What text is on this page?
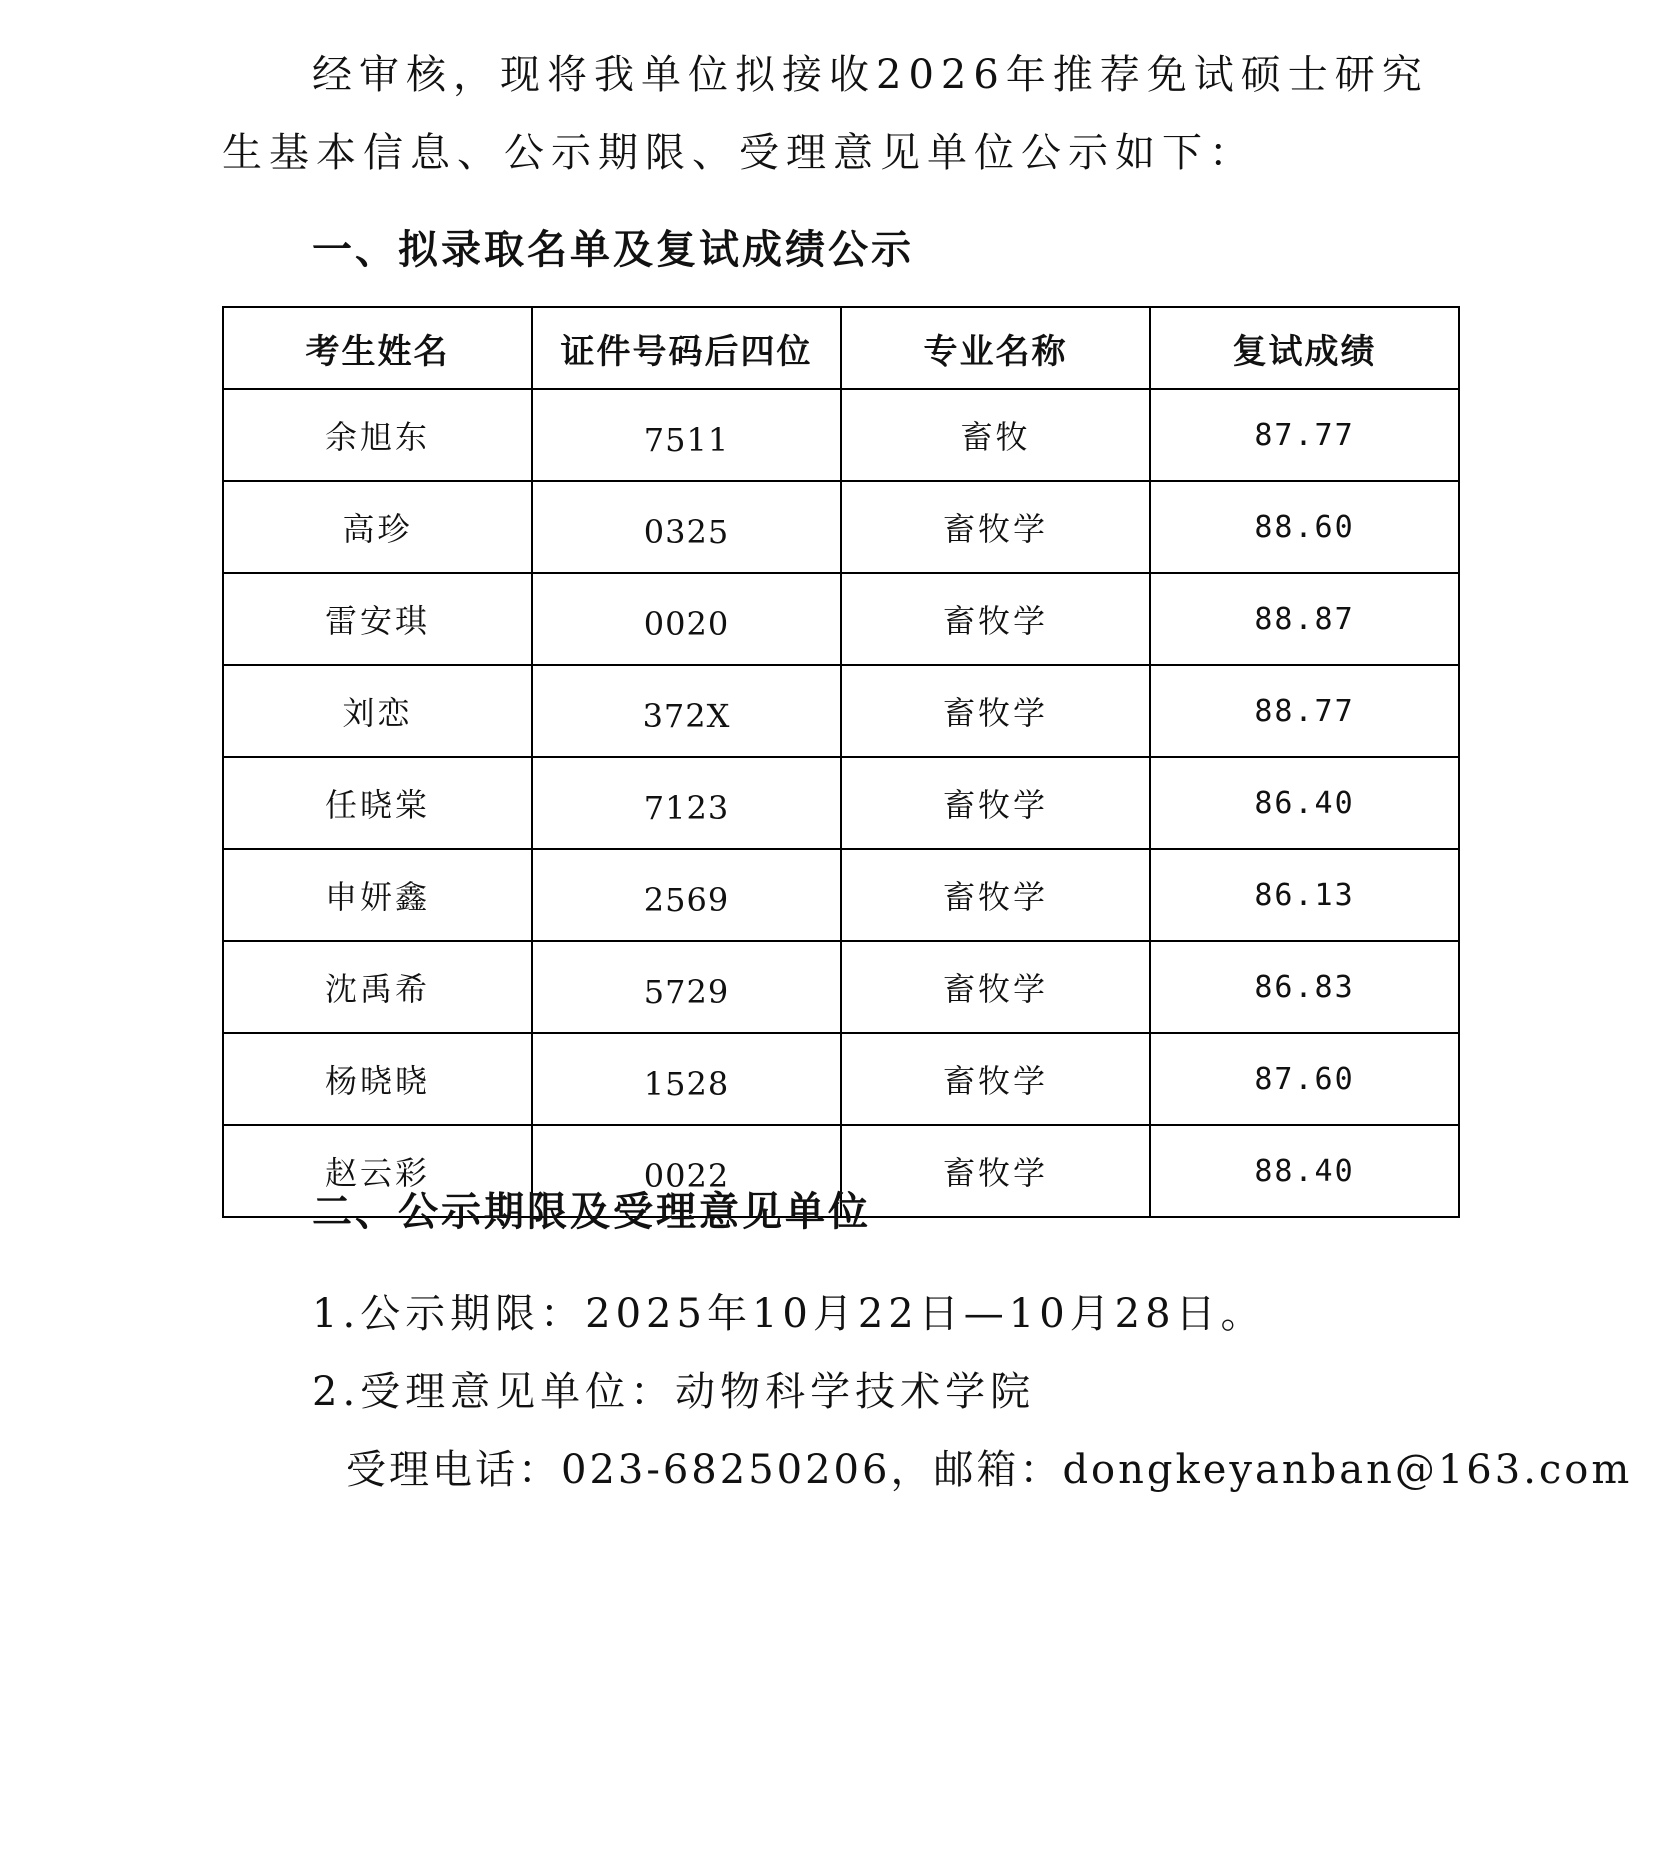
经审核，现将我单位拟接收2026年推荐免试硕士研究生基本信息、公示期限、受理意见单位公示如下：

一、拟录取名单及复试成绩公示
考生姓名	证件号码后四位	专业名称	复试成绩
余旭东	7511	畜牧	87.77
高珍	0325	畜牧学	88.60
雷安琪	0020	畜牧学	88.87
刘恋	372X	畜牧学	88.77
任晓棠	7123	畜牧学	86.40
申妍鑫	2569	畜牧学	86.13
沈禹希	5729	畜牧学	86.83
杨晓晓	1528	畜牧学	87.60
赵云彩	0022	畜牧学	88.40
二、公示期限及受理意见单位

1.公示期限：2025年10月22日—10月28日。

2.受理意见单位：动物科学技术学院

受理电话：023-68250206，邮箱：dongkeyanban@163.com
